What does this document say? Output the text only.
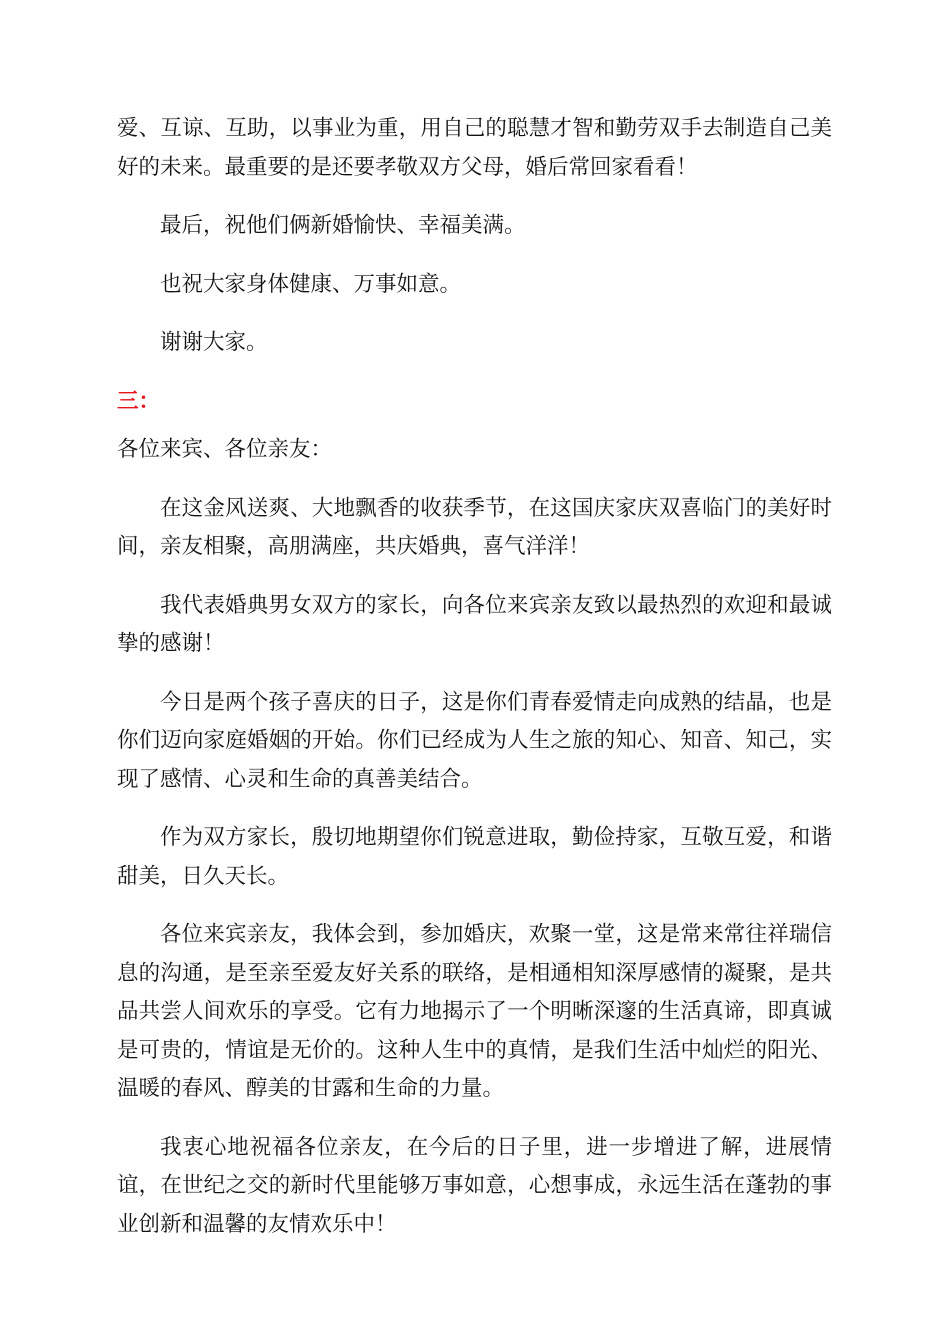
爱、互谅、互助，以事业为重，用自己的聪慧才智和勤劳双手去制造自己美好的未来。最重要的是还要孝敬双方父母，婚后常回家看看！

最后，祝他们俩新婚愉快、幸福美满。

也祝大家身体健康、万事如意。

谢谢大家。

三：

各位来宾、各位亲友：

在这金风送爽、大地飘香的收获季节，在这国庆家庆双喜临门的美好时间，亲友相聚，高朋满座，共庆婚典，喜气洋洋！

我代表婚典男女双方的家长，向各位来宾亲友致以最热烈的欢迎和最诚挚的感谢！

今日是两个孩子喜庆的日子，这是你们青春爱情走向成熟的结晶，也是你们迈向家庭婚姻的开始。你们已经成为人生之旅的知心、知音、知己，实现了感情、心灵和生命的真善美结合。

作为双方家长，殷切地期望你们锐意进取，勤俭持家，互敬互爱，和谐甜美，日久天长。

各位来宾亲友，我体会到，参加婚庆，欢聚一堂，这是常来常往祥瑞信息的沟通，是至亲至爱友好关系的联络，是相通相知深厚感情的凝聚，是共品共尝人间欢乐的享受。它有力地揭示了一个明晰深邃的生活真谛，即真诚是可贵的，情谊是无价的。这种人生中的真情，是我们生活中灿烂的阳光、温暖的春风、醇美的甘露和生命的力量。

我衷心地祝福各位亲友，在今后的日子里，进一步增进了解，进展情谊，在世纪之交的新时代里能够万事如意，心想事成，永远生活在蓬勃的事业创新和温馨的友情欢乐中！
